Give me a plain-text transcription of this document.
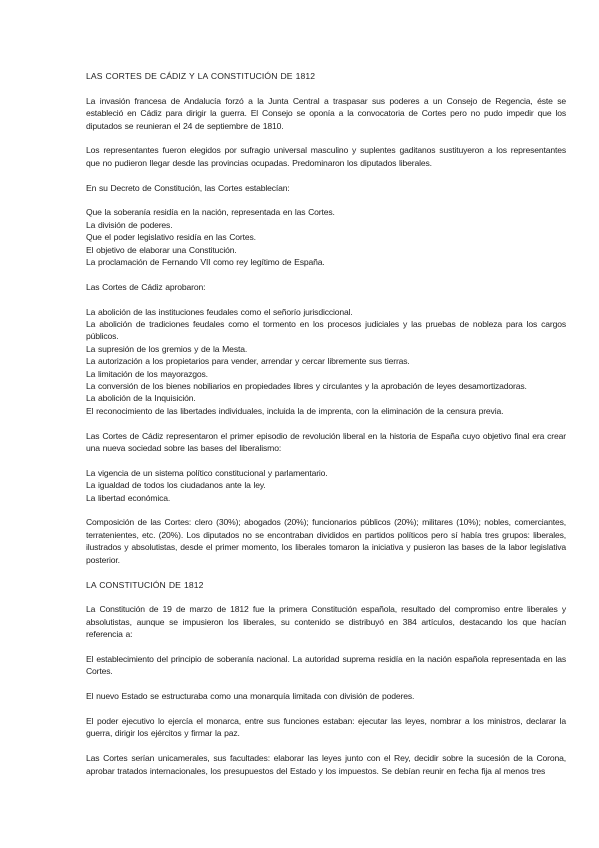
LAS CORTES DE CÁDIZ Y LA CONSTITUCIÓN DE 1812
La invasión francesa de Andalucía forzó a la Junta Central a traspasar sus poderes a un Consejo de Regencia, éste se estableció en Cádiz para dirigir la guerra. El Consejo se oponía a la convocatoria de Cortes pero no pudo impedir que los diputados se reunieran el 24 de septiembre de 1810.
Los representantes fueron elegidos por sufragio universal masculino y suplentes gaditanos sustituyeron a los representantes que no pudieron llegar desde las provincias ocupadas. Predominaron los diputados liberales.
En su Decreto de Constitución, las Cortes establecían:
Que la soberanía residía en la nación, representada en las Cortes.
La división de poderes.
Que el poder legislativo residía en las Cortes.
El objetivo de elaborar una Constitución.
La proclamación de Fernando VII como rey legítimo de España.
Las Cortes de Cádiz aprobaron:
La abolición de las instituciones feudales como el señorío jurisdiccional.
La abolición de tradiciones feudales como el tormento en los procesos judiciales y las pruebas de nobleza para los cargos públicos.
La supresión de los gremios y de la Mesta.
La autorización a los propietarios para vender, arrendar y cercar libremente sus tierras.
La limitación de los mayorazgos.
La conversión de los bienes nobiliarios en propiedades libres y circulantes y la aprobación de leyes desamortizadoras.
La abolición de la Inquisición.
El reconocimiento de las libertades individuales, incluida la de imprenta, con la eliminación de la censura previa.
Las Cortes de Cádiz representaron el primer episodio de revolución liberal en la historia de España cuyo objetivo final era crear una nueva sociedad sobre las bases del liberalismo:
La vigencia de un sistema político constitucional y parlamentario.
La igualdad de todos los ciudadanos ante la ley.
La libertad económica.
Composición de las Cortes: clero (30%); abogados (20%); funcionarios públicos (20%); militares (10%); nobles, comerciantes, terratenientes, etc. (20%). Los diputados no se encontraban divididos en partidos políticos pero sí había tres grupos: liberales, ilustrados y absolutistas, desde el primer momento, los liberales tomaron la iniciativa y pusieron las bases de la labor legislativa posterior.
LA CONSTITUCIÓN DE 1812
La Constitución de 19 de marzo de 1812 fue la primera Constitución española, resultado del compromiso entre liberales y absolutistas, aunque se impusieron los liberales, su contenido se distribuyó en 384 artículos, destacando los que hacían referencia a:
El establecimiento del principio de soberanía nacional. La autoridad suprema residía en la nación española representada en las Cortes.
El nuevo Estado se estructuraba como una monarquía limitada con división de poderes.
El poder ejecutivo lo ejercía el monarca, entre sus funciones estaban: ejecutar las leyes, nombrar a los ministros, declarar la guerra, dirigir los ejércitos y firmar la paz.
Las Cortes serían unicamerales, sus facultades: elaborar las leyes junto con el Rey, decidir sobre la sucesión de la Corona, aprobar tratados internacionales, los presupuestos del Estado y los impuestos. Se debían reunir en fecha fija al menos tres
